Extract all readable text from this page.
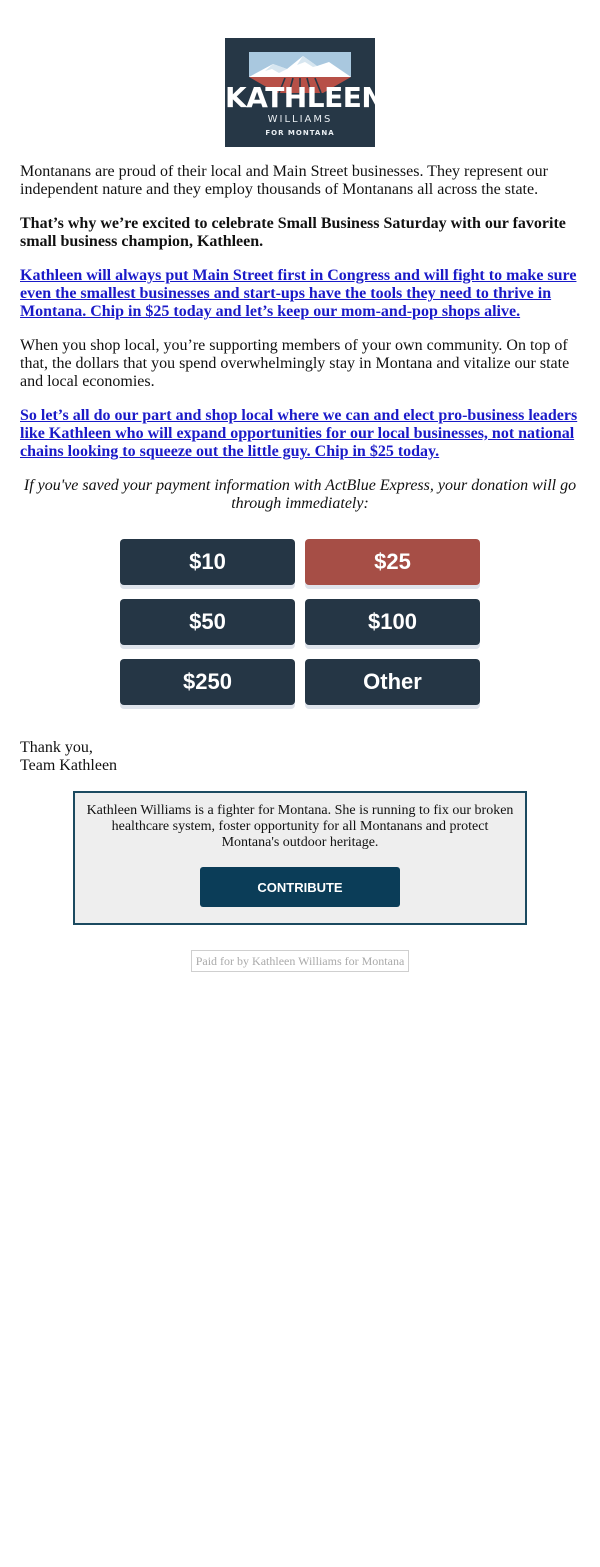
KATHLEEN
WILLIAMS
FOR MONTANA

Montanans are proud of their local and Main Street businesses. They represent our independent nature and they employ thousands of Montanans all across the state.

That’s why we’re excited to celebrate Small Business Saturday with our favorite small business champion, Kathleen.

Kathleen will always put Main Street first in Congress and will fight to make sure even the smallest businesses and start-ups have the tools they need to thrive in Montana. Chip in $25 today and let’s keep our mom-and-pop shops alive.

When you shop local, you’re supporting members of your own community. On top of that, the dollars that you spend overwhelmingly stay in Montana and vitalize our state and local economies.

So let’s all do our part and shop local where we can and elect pro-business leaders like Kathleen who will expand opportunities for our local businesses, not national chains looking to squeeze out the little guy. Chip in $25 today.

If you've saved your payment information with ActBlue Express, your donation will go through immediately:

$10	$25
$50	$100
$250	Other
Thank you,
Team Kathleen
Kathleen Williams is a fighter for Montana. She is running to fix our broken healthcare system, foster opportunity for all Montanans and protect Montana's outdoor heritage.
CONTRIBUTE
Paid for by Kathleen Williams for Montana
